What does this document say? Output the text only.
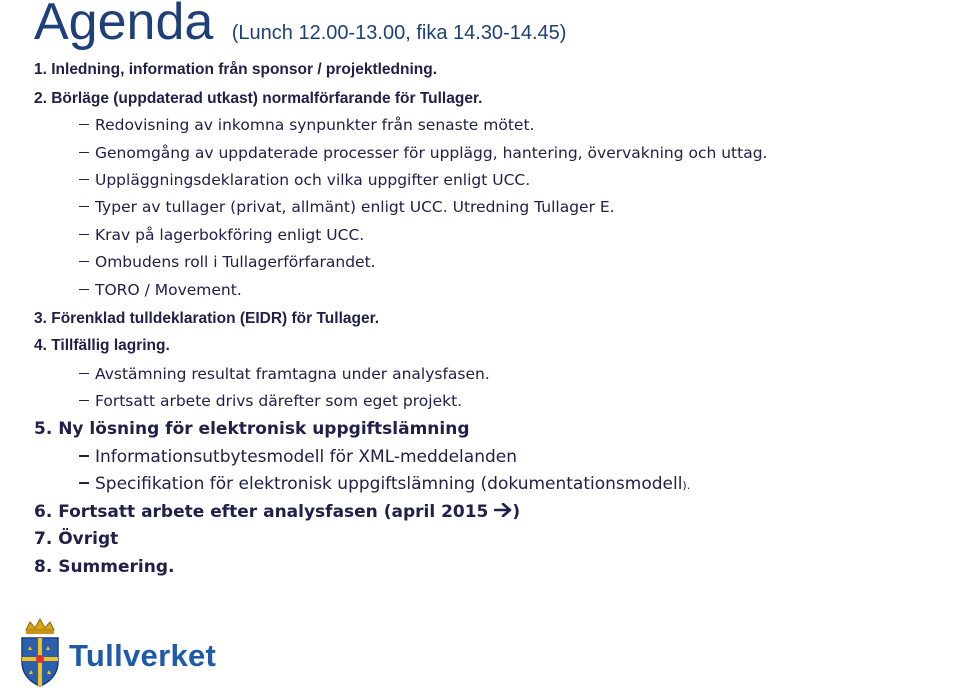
Agenda (Lunch 12.00-13.00, fika 14.30-14.45)
1. Inledning, information från sponsor / projektledning.
2. Börläge (uppdaterad utkast) normalförfarande för Tullager.
Redovisning av inkomna synpunkter från senaste mötet.
Genomgång av uppdaterade processer för upplägg, hantering, övervakning och uttag.
Uppläggningsdeklaration och vilka uppgifter enligt UCC.
Typer av tullager (privat, allmänt) enligt UCC. Utredning Tullager E.
Krav på lagerbokföring enligt UCC.
Ombudens roll i Tullagerförfarandet.
TORO / Movement.
3. Förenklad tulldeklaration (EIDR) för Tullager.
4. Tillfällig lagring.
Avstämning resultat framtagna under analysfasen.
Fortsatt arbete drivs därefter som eget projekt.
5. Ny lösning för elektronisk uppgiftslämning
Informationsutbytesmodell för XML-meddelanden
Specifikation för elektronisk uppgiftslämning (dokumentationsmodell).
6. Fortsatt arbete efter analysfasen (april 2015 )
7. Övrigt
8. Summering.
Tullverket
